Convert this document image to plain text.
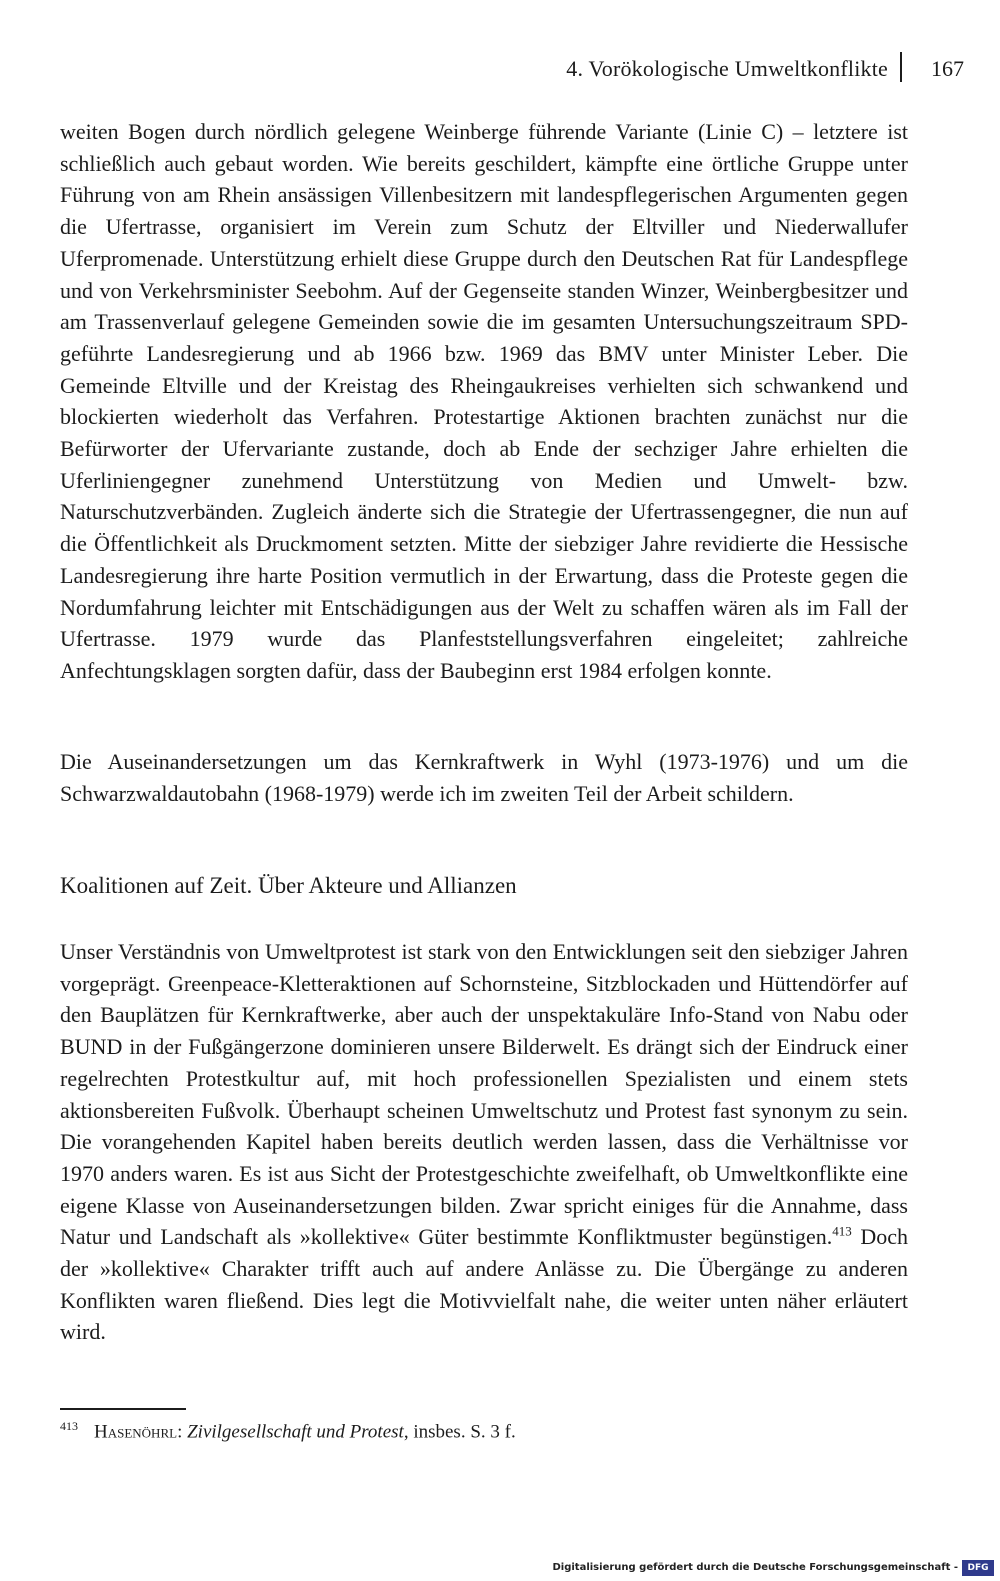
4. Vorökologische Umweltkonflikte 167

weiten Bogen durch nördlich gelegene Weinberge führende Variante (Linie C) – letztere ist schließlich auch gebaut worden. Wie bereits geschildert, kämpfte eine örtliche Gruppe unter Führung von am Rhein ansässigen Villenbesitzern mit landespflegerischen Argumenten gegen die Ufertrasse, organisiert im Verein zum Schutz der Eltviller und Niederwallufer Uferpromenade. Unterstützung erhielt diese Gruppe durch den Deutschen Rat für Landespflege und von Verkehrsminister Seebohm. Auf der Gegenseite standen Winzer, Weinbergbesitzer und am Trassenverlauf gelegene Gemeinden sowie die im gesamten Untersuchungszeitraum SPD-geführte Landesregierung und ab 1966 bzw. 1969 das BMV unter Minister Leber. Die Gemeinde Eltville und der Kreistag des Rheingaukreises verhielten sich schwankend und blockierten wiederholt das Verfahren. Protestartige Aktionen brachten zunächst nur die Befürworter der Ufervariante zustande, doch ab Ende der sechziger Jahre erhielten die Uferliniengegner zunehmend Unterstützung von Medien und Umwelt- bzw. Naturschutzverbänden. Zugleich änderte sich die Strategie der Ufertrassengegner, die nun auf die Öffentlichkeit als Druckmoment setzten. Mitte der siebziger Jahre revidierte die Hessische Landesregierung ihre harte Position vermutlich in der Erwartung, dass die Proteste gegen die Nordumfahrung leichter mit Entschädigungen aus der Welt zu schaffen wären als im Fall der Ufertrasse. 1979 wurde das Planfeststellungsverfahren eingeleitet; zahlreiche Anfechtungsklagen sorgten dafür, dass der Baubeginn erst 1984 erfolgen konnte.

Die Auseinandersetzungen um das Kernkraftwerk in Wyhl (1973-1976) und um die Schwarzwaldautobahn (1968-1979) werde ich im zweiten Teil der Arbeit schildern.

Koalitionen auf Zeit. Über Akteure und Allianzen

Unser Verständnis von Umweltprotest ist stark von den Entwicklungen seit den siebziger Jahren vorgeprägt. Greenpeace-Kletteraktionen auf Schornsteine, Sitzblockaden und Hüttendörfer auf den Bauplätzen für Kernkraftwerke, aber auch der unspektakuläre Info-Stand von Nabu oder BUND in der Fußgängerzone dominieren unsere Bilderwelt. Es drängt sich der Eindruck einer regelrechten Protestkultur auf, mit hoch professionellen Spezialisten und einem stets aktionsbereiten Fußvolk. Überhaupt scheinen Umweltschutz und Protest fast synonym zu sein. Die vorangehenden Kapitel haben bereits deutlich werden lassen, dass die Verhältnisse vor 1970 anders waren. Es ist aus Sicht der Protestgeschichte zweifelhaft, ob Umweltkonflikte eine eigene Klasse von Auseinandersetzungen bilden. Zwar spricht einiges für die Annahme, dass Natur und Landschaft als »kollektive« Güter bestimmte Konfliktmuster begünstigen.$^{413}$ Doch der »kollektive« Charakter trifft auch auf andere Anlässe zu. Die Übergänge zu anderen Konflikten waren fließend. Dies legt die Motivvielfalt nahe, die weiter unten näher erläutert wird.

$^{413}$ Hasenöhrl: Zivilgesellschaft und Protest, insbes. S. 3 f.

Digitalisierung gefördert durch die Deutsche Forschungsgemeinschaft -	DFG
